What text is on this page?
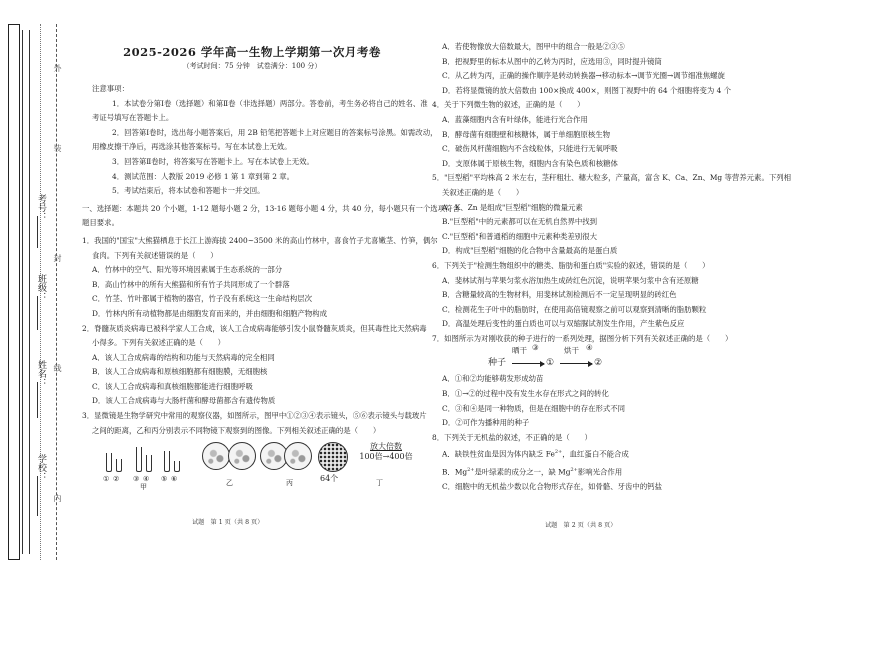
学校：
姓名：
班级：
考号：
外
装
封
线
内
2025-2026 学年高一生物上学期第一次月考卷
（考试时间：75 分钟　试卷满分：100 分）

注意事项：

1．本试卷分第Ⅰ卷（选择题）和第Ⅱ卷（非选择题）两部分。答卷前，考生务必将自己的姓名、准

考证号填写在答题卡上。

2．回答第Ⅰ卷时，选出每小题答案后，用 2B 铅笔把答题卡上对应题目的答案标号涂黑。如需改动，

用橡皮擦干净后，再选涂其他答案标号。写在本试卷上无效。

3．回答第Ⅱ卷时，将答案写在答题卡上。写在本试卷上无效。

4．测试范围：人教版 2019 必修 1 第 1 章到第 2 章。

5．考试结束后，将本试卷和答题卡一并交回。

一、选择题：本题共 20 个小题，1-12 题每小题 2 分，13-16 题每小题 4 分，共 40 分，每小题只有一个选项符合

题目要求。

1．我国的"国宝"大熊猫栖息于长江上游海拔 2400~3500 米的高山竹林中，喜食竹子尤喜嫩茎、竹笋，偶尔

食肉。下列有关叙述错误的是（　　）

A．竹林中的空气、阳光等环境因素属于生态系统的一部分

B．高山竹林中的所有大熊猫和所有竹子共同形成了一个群落

C．竹茎、竹叶都属于植物的器官，竹子没有系统这一生命结构层次

D．竹林内所有动植物都是由细胞发育而来的，并由细胞和细胞产物构成

2．脊髓灰质炎病毒已被科学家人工合成，该人工合成病毒能够引发小鼠脊髓灰质炎，但其毒性比天然病毒

小得多。下列有关叙述正确的是（　　）

A．该人工合成病毒的结构和功能与天然病毒的完全相同

B．该人工合成病毒和原核细胞都有细胞膜，无细胞核

C．该人工合成病毒和真核细胞都能进行细胞呼吸

D．该人工合成病毒与大肠杆菌和酵母菌都含有遗传物质

3．显微镜是生物学研究中常用的观察仪器，如图所示，图甲中①②③④表示镜头，⑤⑥表示镜头与载玻片

之间的距离，乙和丙分别表示不同物镜下观察到的图像。下列相关叙述正确的是（　　）

① ② ③ ④ ⑤ ⑥
甲	乙	丙	64个	丁
放大倍数
100倍→400倍
试题　第 1 页（共 8 页）

A．若使物像放大倍数最大，图甲中的组合一般是②③⑤

B．把视野里的标本从图中的乙转为丙时，应选用③，同时提升镜筒

C．从乙转为丙，正确的操作顺序是转动转换器→移动标本→调节光圈→调节细准焦螺旋

D．若将显微镜的放大倍数由 100×换成 400×，则图丁视野中的 64 个细胞将变为 4 个

4．关于下列微生物的叙述，正确的是（　　）

A．蓝藻细胞内含有叶绿体，能进行光合作用

B．酵母菌有细胞壁和核糖体，属于单细胞原核生物

C．破伤风杆菌细胞内不含线粒体，只能进行无氧呼吸

D．支原体属于原核生物，细胞内含有染色质和核糖体

5．"巨型稻"平均株高 2 米左右，茎秆粗壮、穗大粒多，产量高，富含 K、Ca、Zn、Mg 等营养元素。下列相

关叙述正确的是（　　）

A．K、Zn 是组成"巨型稻"细胞的微量元素

B."巨型稻"中的元素都可以在无机自然界中找到

C."巨型稻"和普通稻的细胞中元素种类差别很大

D．构成"巨型稻"细胞的化合物中含量最高的是蛋白质

6．下列关于"检测生物组织中的糖类、脂肪和蛋白质"实验的叙述，错误的是（　　）

A．斐林试剂与苹果匀浆水浴加热生成砖红色沉淀，说明苹果匀浆中含有还原糖

B．含糖量较高的生物材料，用斐林试剂检测后不一定呈现明显的砖红色

C．检测花生子叶中的脂肪时，在使用高倍镜观察之前可以观察到清晰的脂肪颗粒

D．高温处理后变性的蛋白质也可以与双缩脲试剂发生作用，产生紫色反应

7．如图所示为对刚收获的种子进行的一系列处理，据图分析下列有关叙述正确的是（　　）

种子
晒干 ③
①
烘干 ④
②

A．①和②均能够萌发形成幼苗

B．①→②的过程中没有发生水存在形式之间的转化

C．③和④是同一种物质，但是在细胞中的存在形式不同

D．②可作为播种用的种子

8．下列关于无机盐的叙述，不正确的是（　　）

A．缺铁性贫血是因为体内缺乏 $Fe^{2+}$，血红蛋白不能合成

B．$Mg^{2+}$是叶绿素的成分之一，缺 $Mg^{2+}$影响光合作用

C．细胞中的无机盐少数以化合物形式存在，如骨骼、牙齿中的钙盐

试题　第 2 页（共 8 页）
